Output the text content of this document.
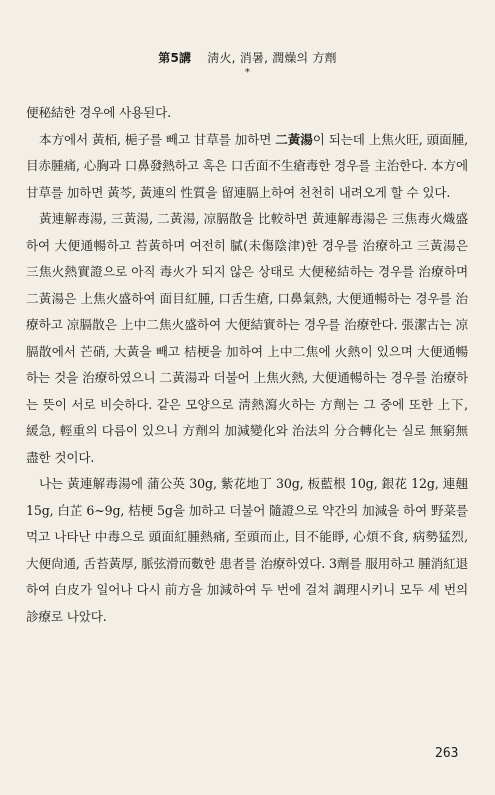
第5講 淸火, 消暑, 潤燥의 方劑
*

便秘結한 경우에 사용된다.

本方에서 黃栢, 梔子를 빼고 甘草를 加하면 二黃湯이 되는데 上焦火旺, 頭面腫, 目赤腫痛, 心胸과 口鼻發熱하고 혹은 口舌面不生瘡毒한 경우를 主治한다. 本方에 甘草를 加하면 黃芩, 黃連의 性質을 留連膈上하여 천천히 내려오게 할 수 있다.

黃連解毒湯, 三黃湯, 二黃湯, 凉膈散을 比較하면 黃連解毒湯은 三焦毒火熾盛하여 大便通暢하고 苔黃하며 여전히 膩(未傷陰津)한 경우를 治療하고 三黃湯은 三焦火熱實證으로 아직 毒火가 되지 않은 상태로 大便秘結하는 경우를 治療하며 二黃湯은 上焦火盛하여 面目紅腫, 口舌生瘡, 口鼻氣熱, 大便通暢하는 경우를 治療하고 凉膈散은 上中二焦火盛하여 大便結實하는 경우를 治療한다. 張潔古는 凉膈散에서 芒硝, 大黃을 빼고 桔梗을 加하여 上中二焦에 火熱이 있으며 大便通暢하는 것을 治療하였으니 二黃湯과 더불어 上焦火熱, 大便通暢하는 경우를 治療하는 뜻이 서로 비슷하다. 같은 모양으로 淸熱瀉火하는 方劑는 그 중에 또한 上下, 緩急, 輕重의 다름이 있으니 方劑의 加減變化와 治法의 分合轉化는 실로 無窮無盡한 것이다.

나는 黃連解毒湯에 蒲公英 30g, 紫花地丁 30g, 板藍根 10g, 銀花 12g, 連翹 15g, 白芷 6~9g, 桔梗 5g을 加하고 더불어 隨證으로 약간의 加減을 하여 野菜를 먹고 나타난 中毒으로 頭面紅腫熱痛, 至頭而止, 目不能睜, 心煩不食, 病勢猛烈, 大便尙通, 舌苔黃厚, 脈弦滑而數한 患者를 治療하였다. 3劑를 服用하고 腫消紅退하여 白皮가 일어나 다시 前方을 加減하여 두 번에 걸쳐 調理시키니 모두 세 번의 診療로 나았다.

263
